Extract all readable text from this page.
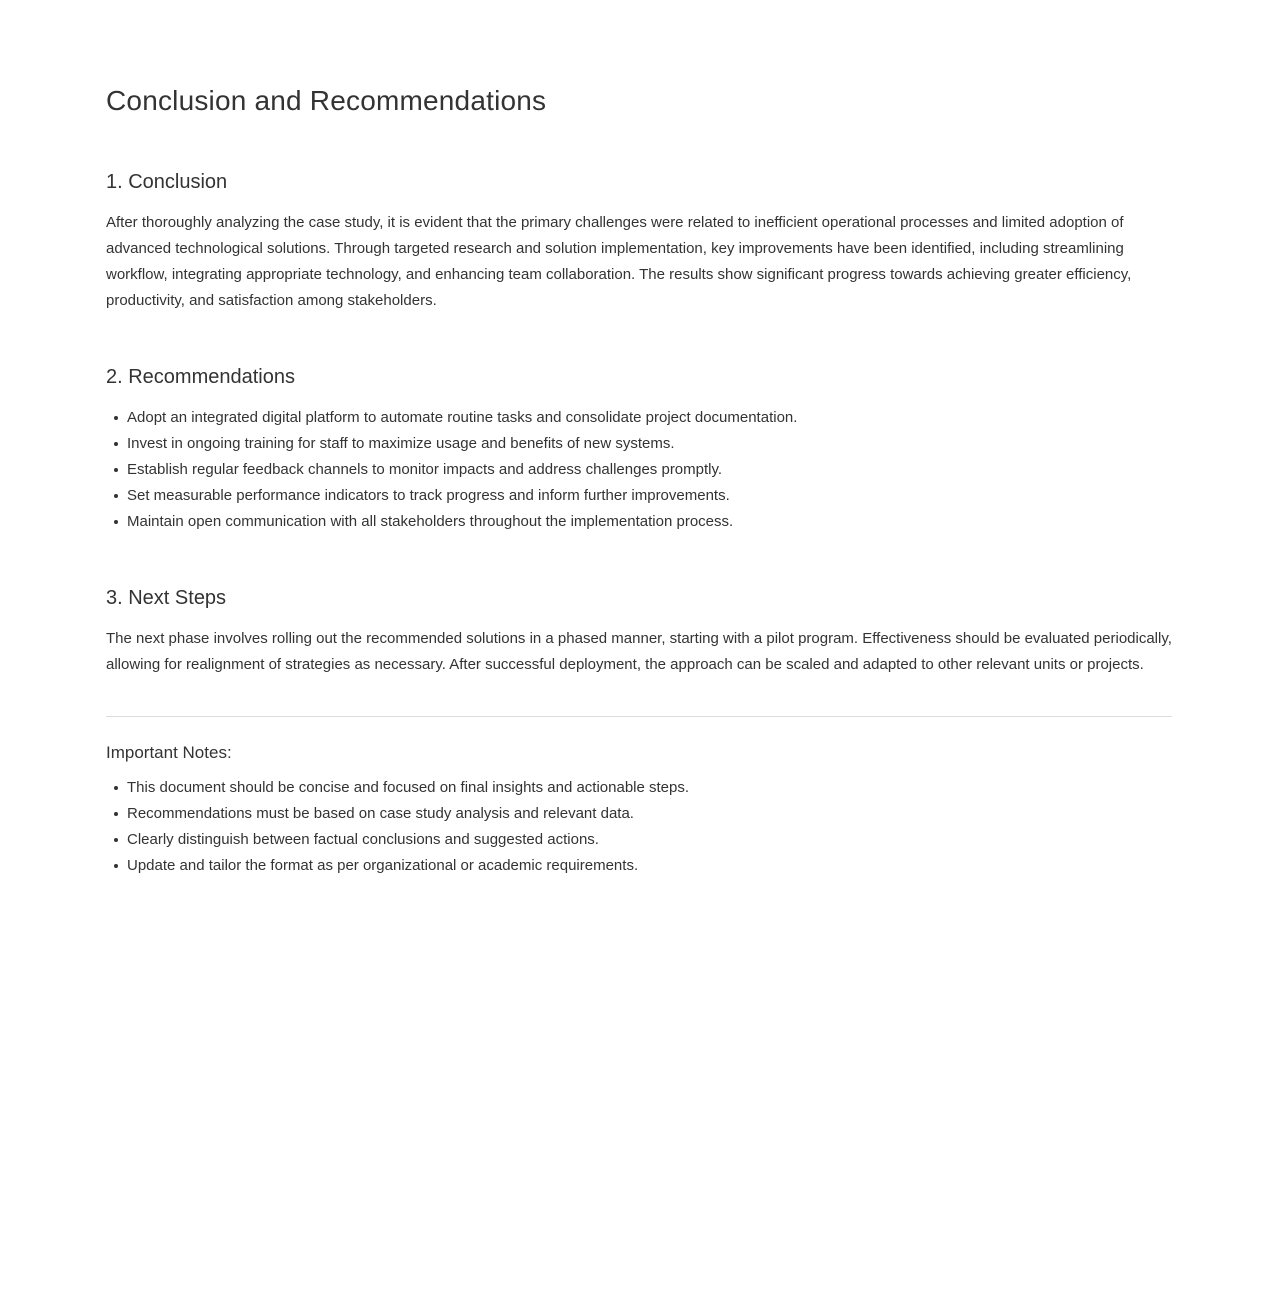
Conclusion and Recommendations
1. Conclusion

After thoroughly analyzing the case study, it is evident that the primary challenges were related to inefficient operational processes and limited adoption of advanced technological solutions. Through targeted research and solution implementation, key improvements have been identified, including streamlining workflow, integrating appropriate technology, and enhancing team collaboration. The results show significant progress towards achieving greater efficiency, productivity, and satisfaction among stakeholders.

2. Recommendations
Adopt an integrated digital platform to automate routine tasks and consolidate project documentation.
Invest in ongoing training for staff to maximize usage and benefits of new systems.
Establish regular feedback channels to monitor impacts and address challenges promptly.
Set measurable performance indicators to track progress and inform further improvements.
Maintain open communication with all stakeholders throughout the implementation process.
3. Next Steps

The next phase involves rolling out the recommended solutions in a phased manner, starting with a pilot program. Effectiveness should be evaluated periodically, allowing for realignment of strategies as necessary. After successful deployment, the approach can be scaled and adapted to other relevant units or projects.

Important Notes:
This document should be concise and focused on final insights and actionable steps.
Recommendations must be based on case study analysis and relevant data.
Clearly distinguish between factual conclusions and suggested actions.
Update and tailor the format as per organizational or academic requirements.
